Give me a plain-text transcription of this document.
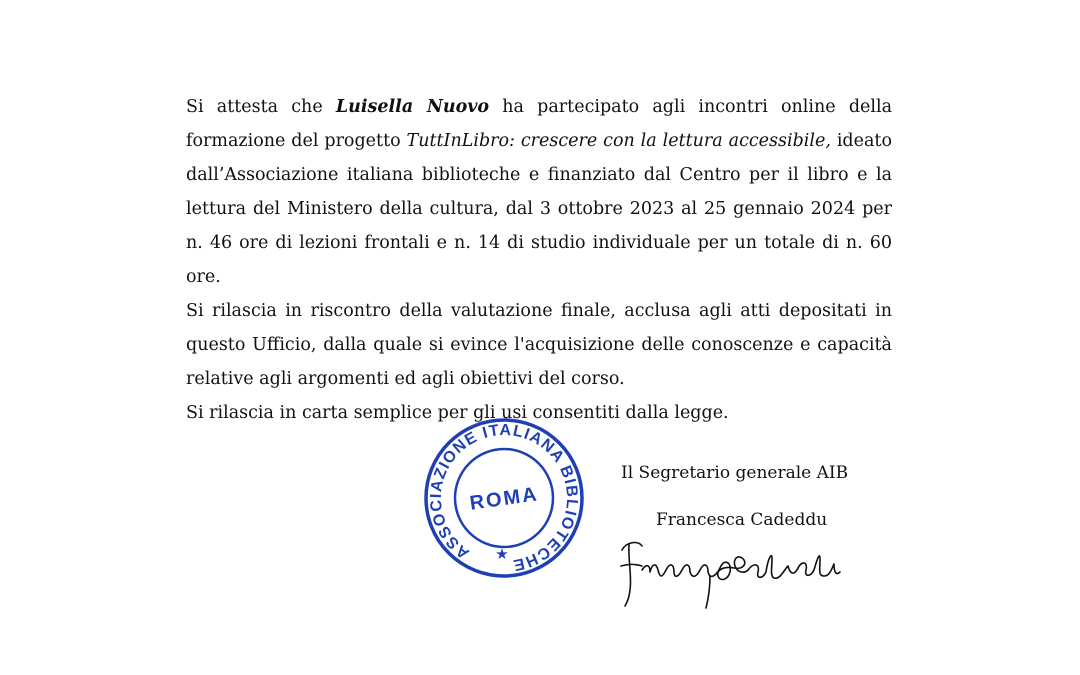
Si attesta che Luisella Nuovo ha partecipato agli incontri online della formazione del progetto TuttInLibro: crescere con la lettura accessibile, ideato dall’Associazione italiana biblioteche e finanziato dal Centro per il libro e la lettura del Ministero della cultura, dal 3 ottobre 2023 al 25 gennaio 2024 per n. 46 ore di lezioni frontali e n. 14 di studio individuale per un totale di n. 60 ore.

Si rilascia in riscontro della valutazione finale, acclusa agli atti depositati in questo Ufficio, dalla quale si evince l'acquisizione delle conoscenze e capacità relative agli argomenti ed agli obiettivi del corso.

Si rilascia in carta semplice per gli usi consentiti dalla legge.

ASSOCIAZIONE ITALIANA BIBLIOTECHE
★
ROMA
Il Segretario generale AIB
Francesca Cadeddu
